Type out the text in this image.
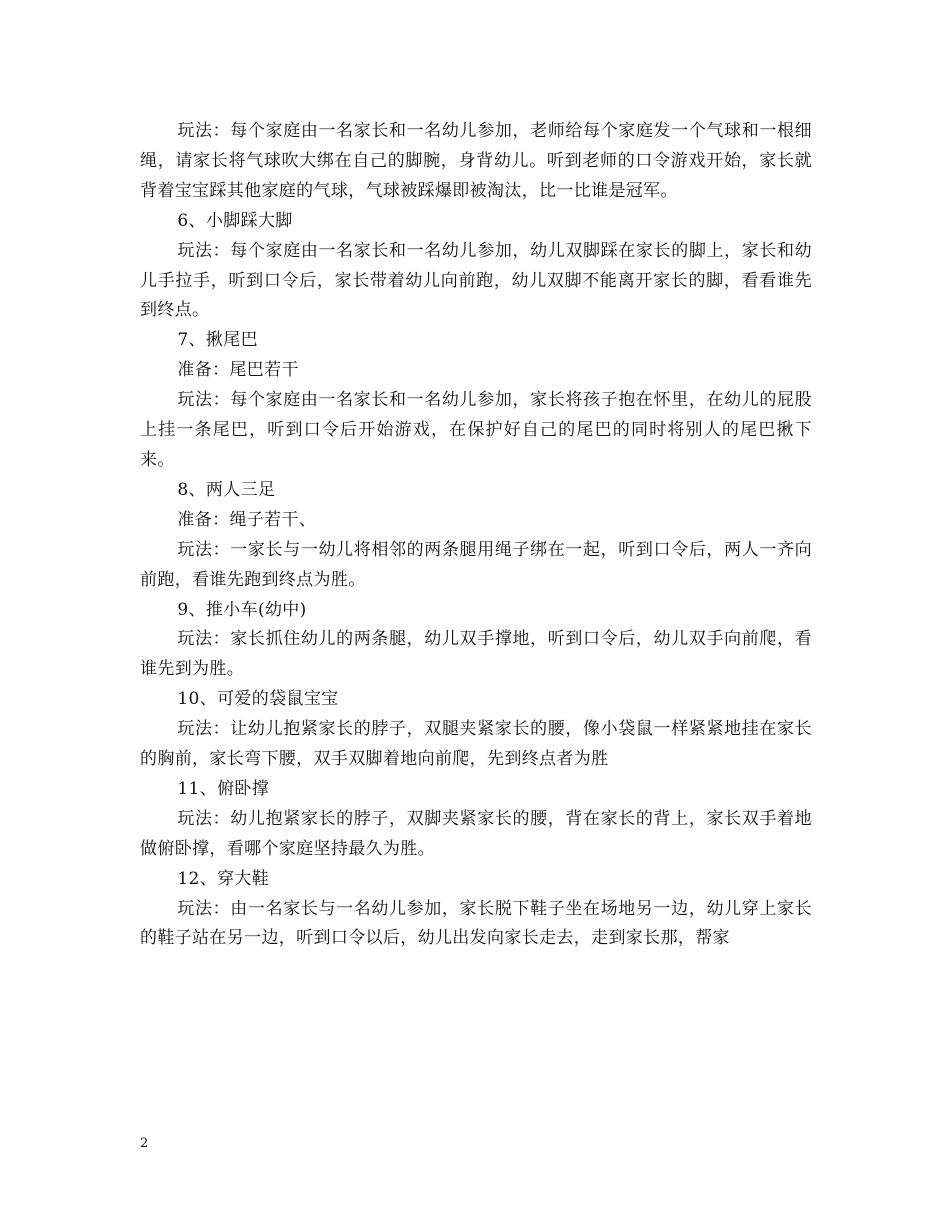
玩法：每个家庭由一名家长和一名幼儿参加，老师给每个家庭发一个气球和一根细绳，请家长将气球吹大绑在自己的脚腕，身背幼儿。听到老师的口令游戏开始，家长就背着宝宝踩其他家庭的气球，气球被踩爆即被淘汰，比一比谁是冠军。

6、小脚踩大脚

玩法：每个家庭由一名家长和一名幼儿参加，幼儿双脚踩在家长的脚上，家长和幼儿手拉手，听到口令后，家长带着幼儿向前跑，幼儿双脚不能离开家长的脚，看看谁先到终点。

7、揪尾巴

准备：尾巴若干

玩法：每个家庭由一名家长和一名幼儿参加，家长将孩子抱在怀里，在幼儿的屁股上挂一条尾巴，听到口令后开始游戏，在保护好自己的尾巴的同时将别人的尾巴揪下来。

8、两人三足

准备：绳子若干、

玩法：一家长与一幼儿将相邻的两条腿用绳子绑在一起，听到口令后，两人一齐向前跑，看谁先跑到终点为胜。

9、推小车(幼中)

玩法：家长抓住幼儿的两条腿，幼儿双手撑地，听到口令后，幼儿双手向前爬，看谁先到为胜。

10、可爱的袋鼠宝宝

玩法：让幼儿抱紧家长的脖子，双腿夹紧家长的腰，像小袋鼠一样紧紧地挂在家长的胸前，家长弯下腰，双手双脚着地向前爬，先到终点者为胜

11、俯卧撑

玩法：幼儿抱紧家长的脖子，双脚夹紧家长的腰，背在家长的背上，家长双手着地做俯卧撑，看哪个家庭坚持最久为胜。

12、穿大鞋

玩法：由一名家长与一名幼儿参加，家长脱下鞋子坐在场地另一边，幼儿穿上家长的鞋子站在另一边，听到口令以后，幼儿出发向家长走去，走到家长那，帮家

2
